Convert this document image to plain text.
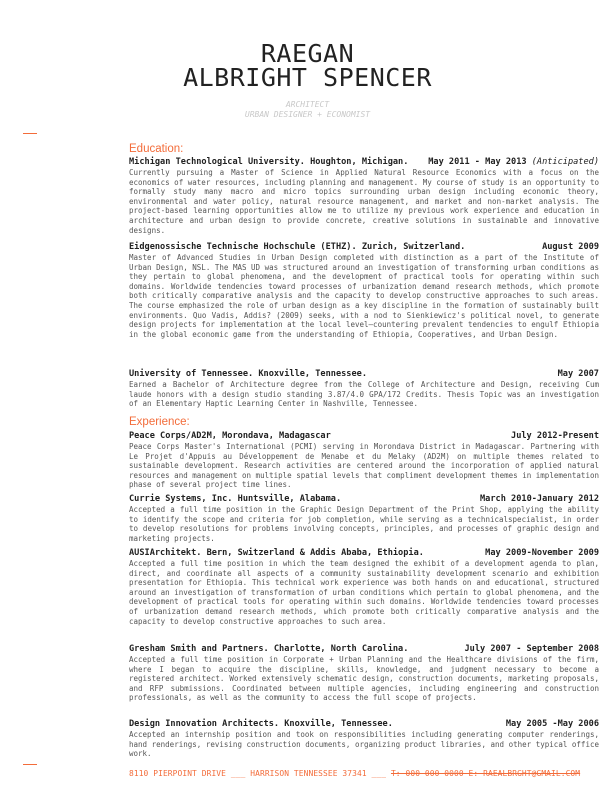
RAEGAN
ALBRIGHT SPENCER
ARCHITECT
URBAN DESIGNER + ECONOMIST
Education:
Michigan Technological University. Houghton, Michigan. May 2011 - May 2013 (Anticipated)
Currently pursuing a Master of Science in Applied Natural Resource Economics with a focus on the economics of water resources, including planning and management. My course of study is an opportunity to formally study many macro and micro topics surrounding urban design including economic theory, environmental and water policy, natural resource management, and market and non-market analysis. The project-based learning opportunities allow me to utilize my previous work experience and education in architecture and urban design to provide concrete, creative solutions in sustainable and innovative designs.
Eidgenossische Technische Hochschule (ETHZ). Zurich, Switzerland.	August 2009
Master of Advanced Studies in Urban Design completed with distinction as a part of the Institute of Urban Design, NSL. The MAS UD was structured around an investigation of transforming urban conditions as they pertain to global phenomena, and the development of practical tools for operating within such domains. Worldwide tendencies toward processes of urbanization demand research methods, which promote both critically comparative analysis and the capacity to develop constructive approaches to such areas. The course emphasized the role of urban design as a key discipline in the formation of sustainably built environments. Quo Vadis, Addis? (2009) seeks, with a nod to Sienkiewicz's political novel, to generate design projects for implementation at the local level—countering prevalent tendencies to engulf Ethiopia in the global economic game from the understanding of Ethiopia, Cooperatives, and Urban Design.
University of Tennessee. Knoxville, Tennessee.	May 2007
Earned a Bachelor of Architecture degree from the College of Architecture and Design, receiving Cum laude honors with a design studio standing 3.87/4.0 GPA/172 Credits. Thesis Topic was an investigation of an Elementary Haptic Learning Center in Nashville, Tennessee.
Experience:
Peace Corps/AD2M, Morondava, Madagascar	July 2012-Present
Peace Corps Master's International (PCMI) serving in Morondava District in Madagascar. Partnering with Le Projet d'Appuis au Développement de Menabe et du Melaky (AD2M) on multiple themes related to sustainable development. Research activities are centered around the incorporation of applied natural resources and management on multiple spatial levels that compliment development themes in implementation phase of several project time lines.
Currie Systems, Inc. Huntsville, Alabama.	March 2010-January 2012
Accepted a full time position in the Graphic Design Department of the Print Shop, applying the ability to identify the scope and criteria for job completion, while serving as a technicalspecialist, in order to develop resolutions for problems involving concepts, principles, and processes of graphic design and marketing projects.
AUSIArchitekt. Bern, Switzerland & Addis Ababa, Ethiopia.	May 2009-November 2009
Accepted a full time position in which the team designed the exhibit of a development agenda to plan, direct, and coordinate all aspects of a community sustainability development scenario and exhibition presentation for Ethiopia. This technical work experience was both hands on and educational, structured around an investigation of transformation of urban conditions which pertain to global phenomena, and the development of practical tools for operating within such domains. Worldwide tendencies toward processes of urbanization demand research methods, which promote both critically comparative analysis and the capacity to develop constructive approaches to such area.
Gresham Smith and Partners. Charlotte, North Carolina.	July 2007 - September 2008
Accepted a full time position in Corporate + Urban Planning and the Healthcare divisions of the firm, where I began to acquire the discipline, skills, knowledge, and judgment necessary to become a registered architect. Worked extensively schematic design, construction documents, marketing proposals, and RFP submissions. Coordinated between multiple agencies, including engineering and construction professionals, as well as the community to access the full scope of projects.
Design Innovation Architects. Knoxville, Tennessee.	May 2005 -May 2006
Accepted an internship position and took on responsibilities including generating computer renderings, hand renderings, revising construction documents, organizing product libraries, and other typical office work.
8110 PIERPOINT DRIVE ___ HARRISON TENNESSEE 37341 ___ T: 000 000 0000 E: RAEALBRGHT@GMAIL.COM
